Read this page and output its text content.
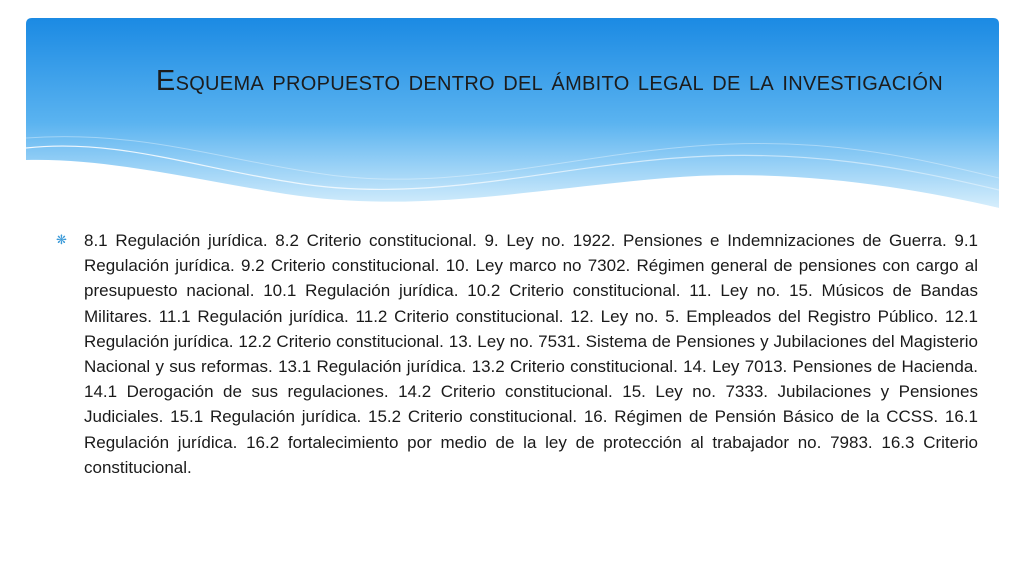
Esquema propuesto dentro del ámbito legal de la investigación
❋	8.1 Regulación jurídica. 8.2 Criterio constitucional. 9. Ley no. 1922. Pensiones e Indemnizaciones de Guerra. 9.1 Regulación jurídica. 9.2 Criterio constitucional. 10. Ley marco no 7302. Régimen general de pensiones con cargo al presupuesto nacional. 10.1 Regulación jurídica. 10.2 Criterio constitucional. 11. Ley no. 15. Músicos de Bandas Militares. 11.1 Regulación jurídica. 11.2 Criterio constitucional. 12. Ley no. 5. Empleados del Registro Público. 12.1 Regulación jurídica. 12.2 Criterio constitucional. 13. Ley no. 7531. Sistema de Pensiones y Jubilaciones del Magisterio Nacional y sus reformas. 13.1 Regulación jurídica. 13.2 Criterio constitucional. 14. Ley 7013. Pensiones de Hacienda. 14.1 Derogación de sus regulaciones. 14.2 Criterio constitucional. 15. Ley no. 7333. Jubilaciones y Pensiones Judiciales. 15.1 Regulación jurídica. 15.2 Criterio constitucional. 16. Régimen de Pensión Básico de la CCSS. 16.1 Regulación jurídica. 16.2 fortalecimiento por medio de la ley de protección al trabajador no. 7983. 16.3 Criterio constitucional.
